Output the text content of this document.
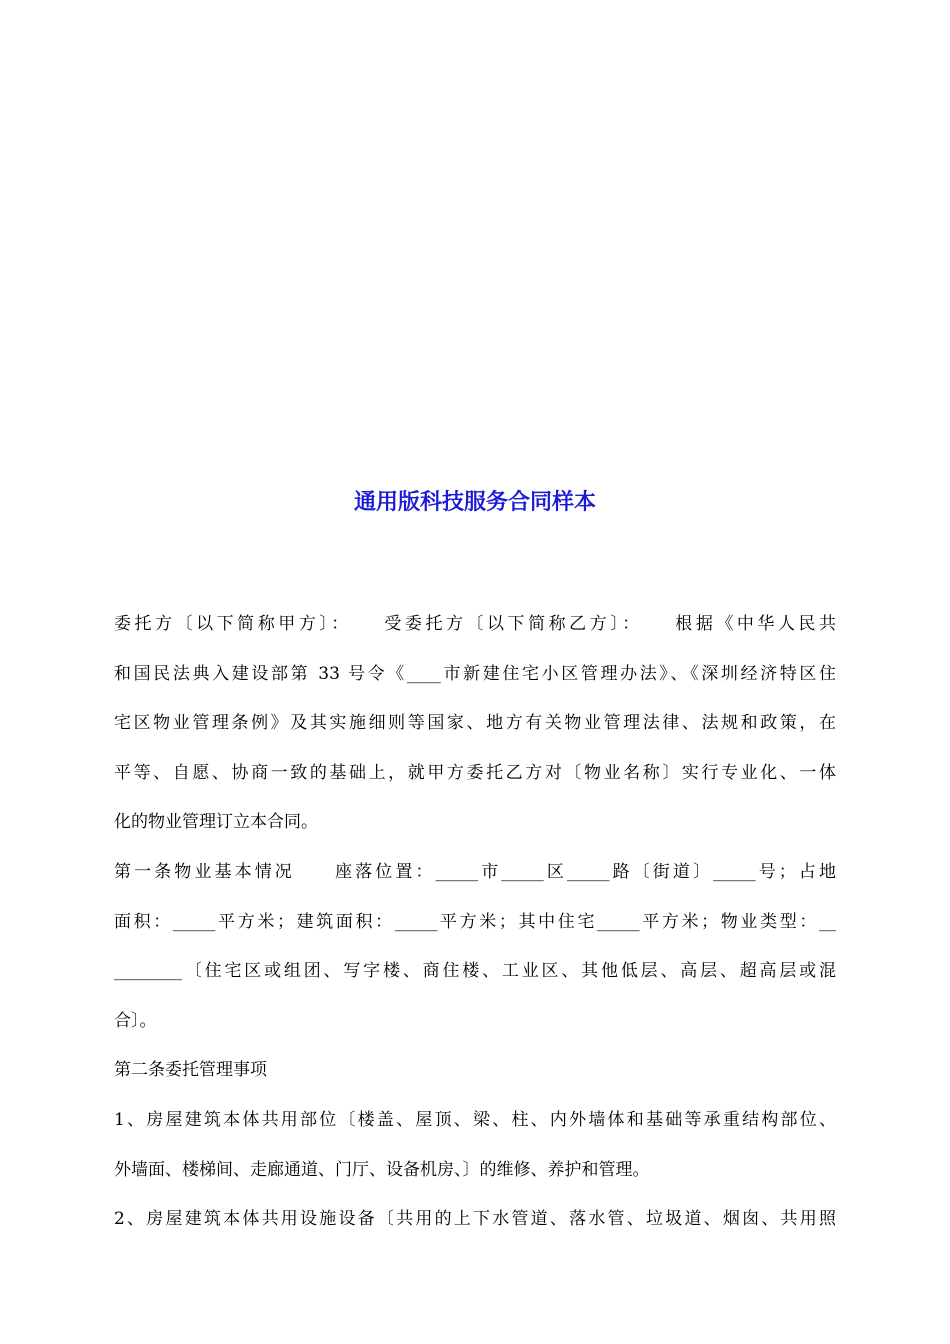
通用版科技服务合同样本
委托方〔以下简称甲方〕：　　受委托方〔以下简称乙方〕：　　根据《中华人民共
和国民法典入建设部第 33 号令《____市新建住宅小区管理办法》、《深圳经济特区住
宅区物业管理条例》及其实施细则等国家、地方有关物业管理法律、法规和政策，在
平等、自愿、协商一致的基础上，就甲方委托乙方对〔物业名称〕实行专业化、一体
化的物业管理订立本合同。
第一条物业基本情况　　座落位置：_____市_____区_____路〔街道〕_____号；占地
面积：_____平方米；建筑面积：_____平方米；其中住宅_____平方米；物业类型：__
________〔住宅区或组团、写字楼、商住楼、工业区、其他低层、高层、超高层或混
合〕。
第二条委托管理事项
1、房屋建筑本体共用部位〔楼盖、屋顶、梁、柱、内外墙体和基础等承重结构部位、
外墙面、楼梯间、走廊通道、门厅、设备机房、〕的维修、养护和管理。
2、房屋建筑本体共用设施设备〔共用的上下水管道、落水管、垃圾道、烟囱、共用照
